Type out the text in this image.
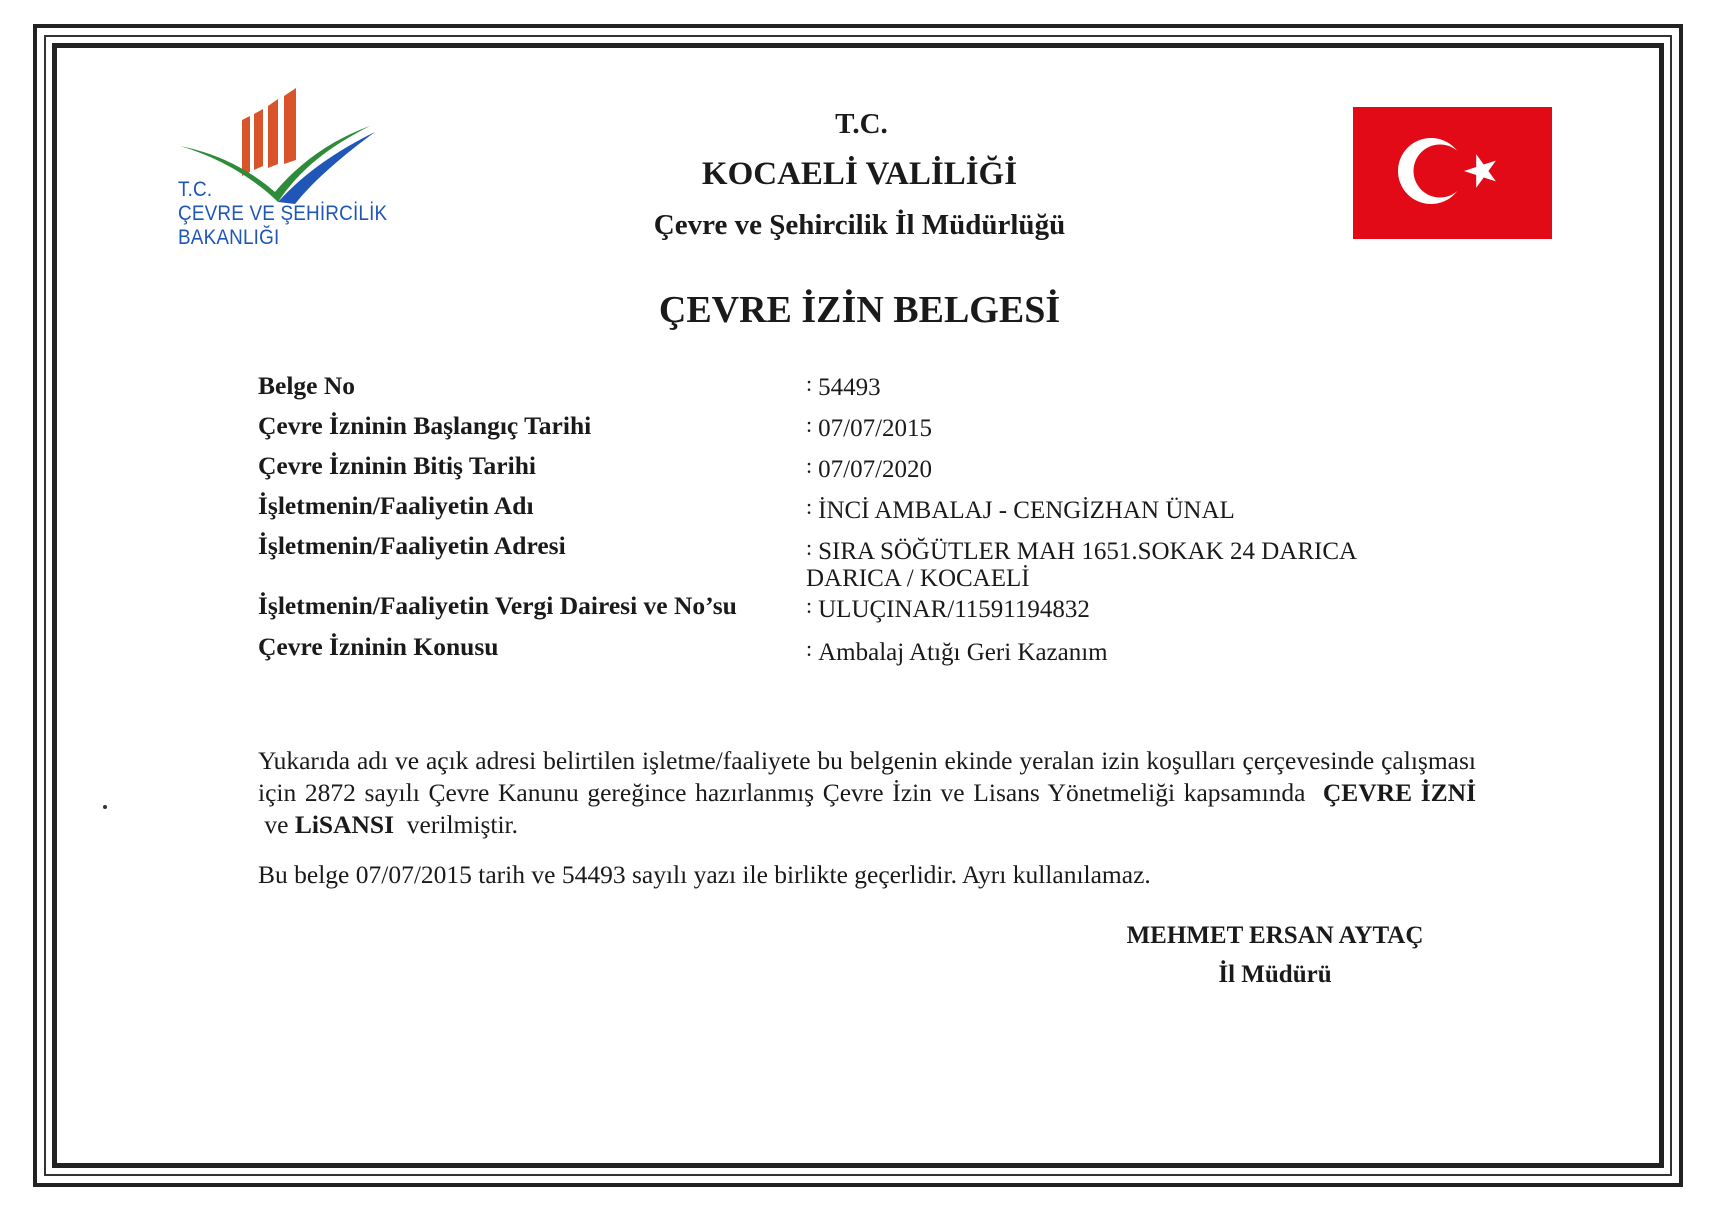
T.C.
ÇEVRE VE ŞEHİRCİLİK
BAKANLIĞI
T.C.
KOCAELİ VALİLİĞİ
Çevre ve Şehircilik İl Müdürlüğü
ÇEVRE İZİN BELGESİ
Belge No	: 54493
Çevre İzninin Başlangıç Tarihi	: 07/07/2015
Çevre İzninin Bitiş Tarihi	: 07/07/2020
İşletmenin/Faaliyetin Adı	: İNCİ AMBALAJ - CENGİZHAN ÜNAL
İşletmenin/Faaliyetin Adresi	: SIRA SÖĞÜTLER MAH 1651.SOKAK 24 DARICA
DARICA / KOCAELİ
İşletmenin/Faaliyetin Vergi Dairesi ve No’su	: ULUÇINAR/11591194832
Çevre İzninin Konusu	: Ambalaj Atığı Geri Kazanım
Yukarıda adı ve açık adresi belirtilen işletme/faaliyete bu belgenin ekinde yeralan izin koşulları çerçevesinde çalışması için 2872 sayılı Çevre Kanunu gereğince hazırlanmış Çevre İzin ve Lisans Yönetmeliği kapsamında ÇEVRE İZNİ  ve LiSANSI verilmiştir.
Bu belge 07/07/2015 tarih ve 54493 sayılı yazı ile birlikte geçerlidir. Ayrı kullanılamaz.
MEHMET ERSAN AYTAÇ
İl Müdürü
